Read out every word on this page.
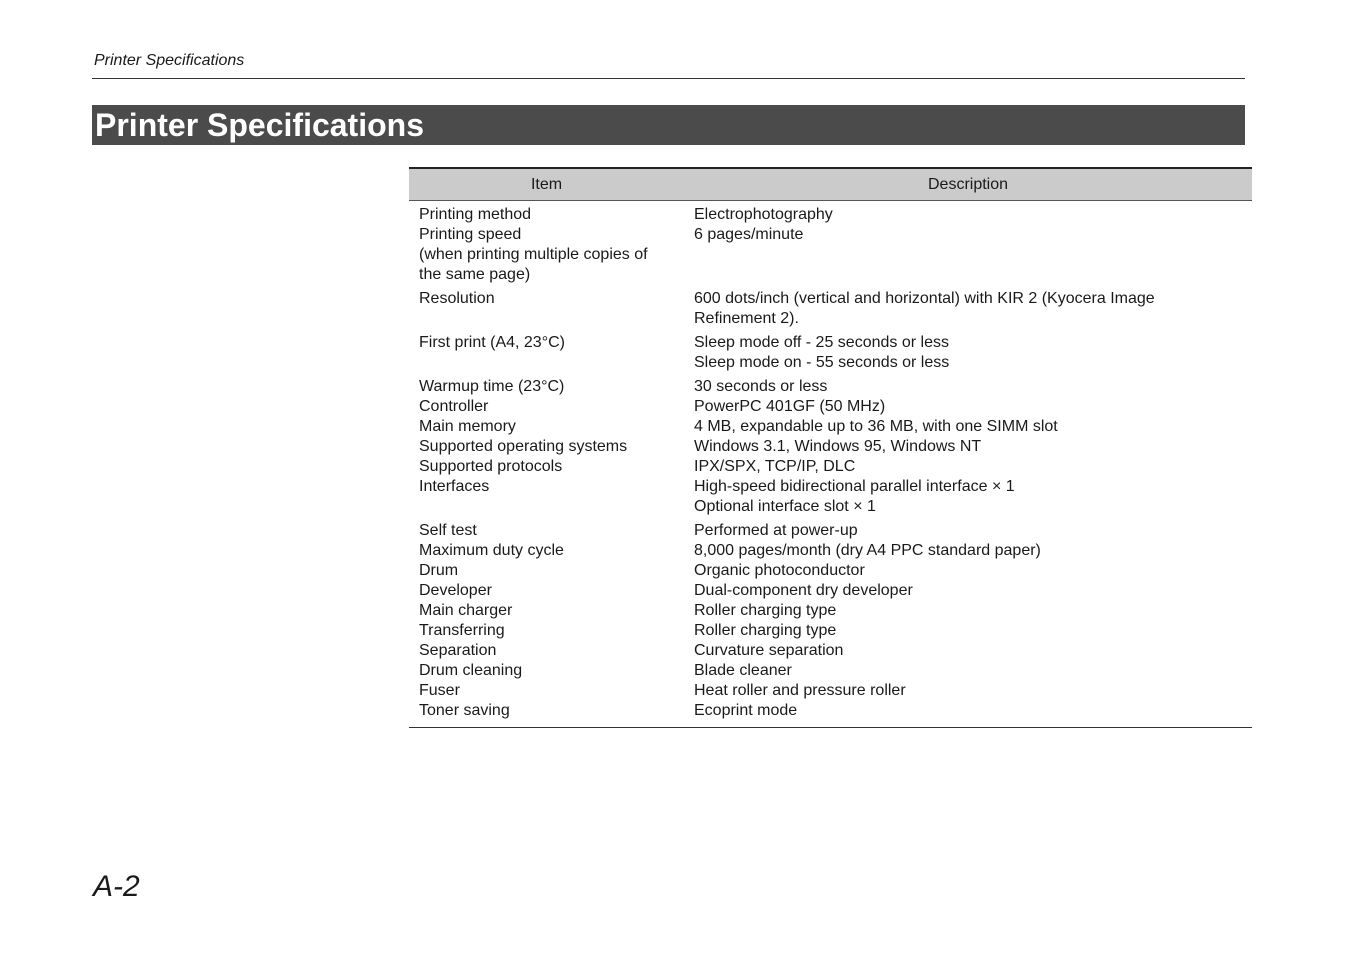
Printer Specifications
Printer Specifications
Item	Description

Printing method	Electrophotography

Printing speed
(when printing multiple copies of
the same page)	6 pages/minute

Resolution	600 dots/inch (vertical and horizontal) with KIR 2 (Kyocera Image
Refinement 2).

First print (A4, 23°C)	Sleep mode off - 25 seconds or less
Sleep mode on - 55 seconds or less

Warmup time (23°C)	30 seconds or less

Controller	PowerPC 401GF (50 MHz)

Main memory	4 MB, expandable up to 36 MB, with one SIMM slot

Supported operating systems	Windows 3.1, Windows 95, Windows NT

Supported protocols	IPX/SPX, TCP/IP, DLC

Interfaces	High-speed bidirectional parallel interface × 1
Optional interface slot × 1

Self test	Performed at power-up

Maximum duty cycle	8,000 pages/month (dry A4 PPC standard paper)

Drum	Organic photoconductor

Developer	Dual-component dry developer

Main charger	Roller charging type

Transferring	Roller charging type

Separation	Curvature separation

Drum cleaning	Blade cleaner

Fuser	Heat roller and pressure roller

Toner saving	Ecoprint mode
A-2
